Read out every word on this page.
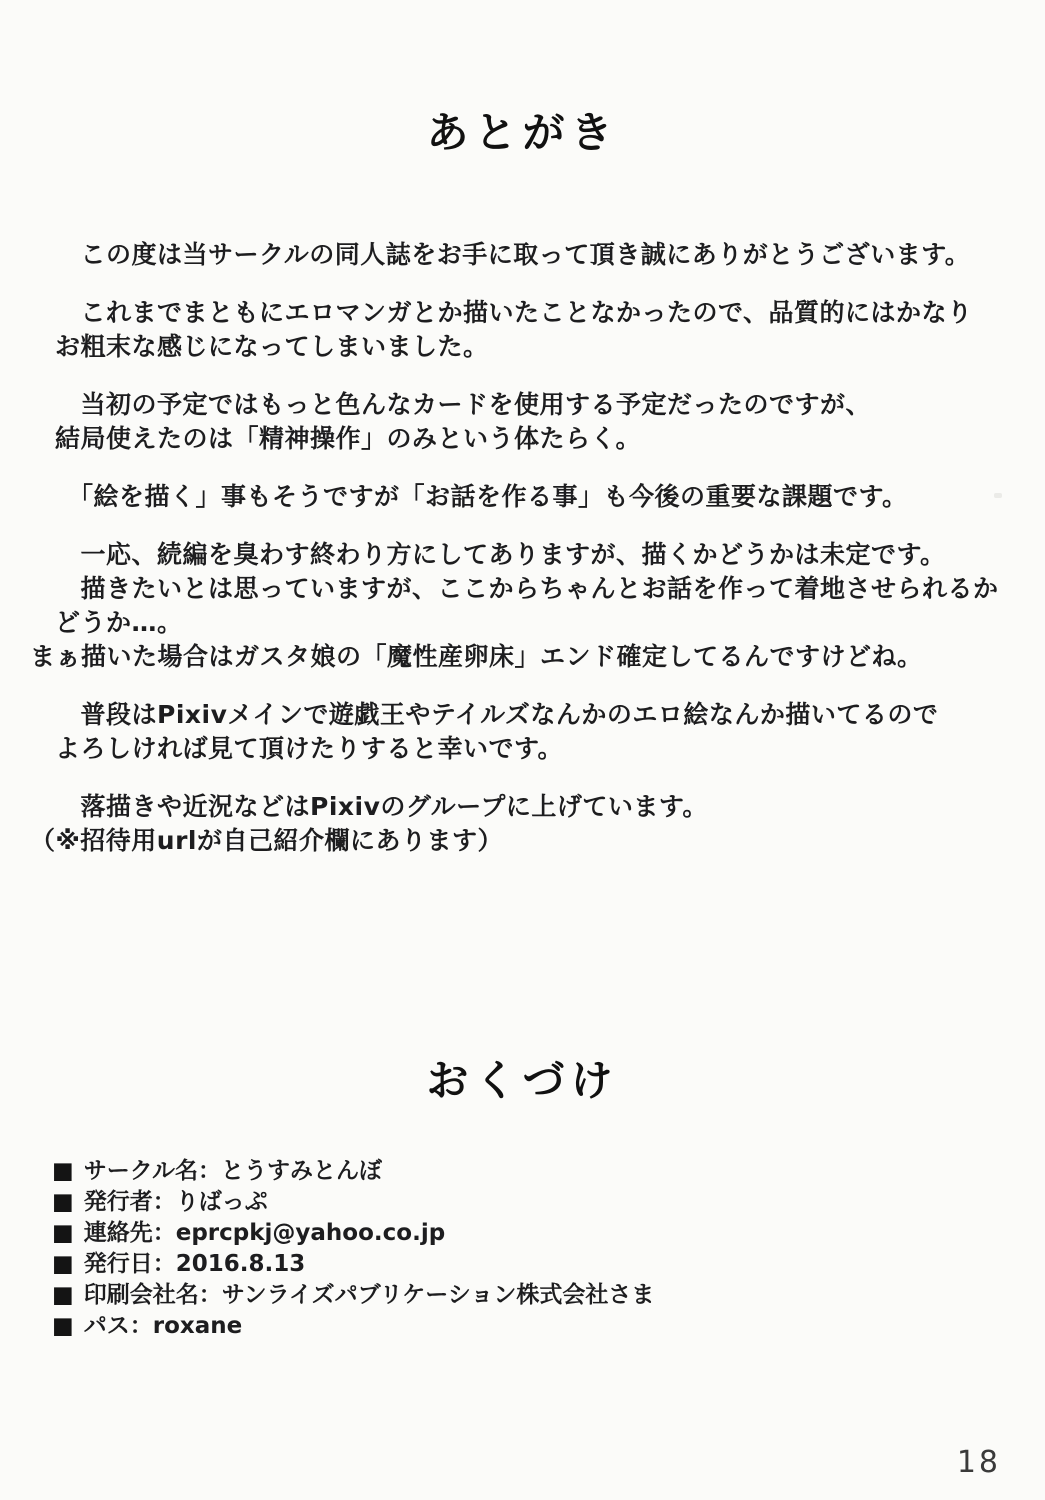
あとがき

　この度は当サークルの同人誌をお手に取って頂き誠にありがとうございます。

　これまでまともにエロマンガとか描いたことなかったので、品質的にはかなり
お粗末な感じになってしまいました。

　当初の予定ではもっと色んなカードを使用する予定だったのですが、
結局使えたのは「精神操作」のみという体たらく。

　「絵を描く」事もそうですが「お話を作る事」も今後の重要な課題です。

　一応、続編を臭わす終わり方にしてありますが、描くかどうかは未定です。
　描きたいとは思っていますが、ここからちゃんとお話を作って着地させられるかどうか…。
まぁ描いた場合はガスタ娘の「魔性産卵床」エンド確定してるんですけどね。

　普段はPixivメインで遊戯王やテイルズなんかのエロ絵なんか描いてるので
よろしければ見て頂けたりすると幸いです。

　落描きや近況などはPixivのグループに上げています。
（※招待用urlが自己紹介欄にあります）

おくづけ
■ サークル名：とうすみとんぼ
■ 発行者：りばっぷ
■ 連絡先：eprcpkj@yahoo.co.jp
■ 発行日：2016.8.13
■ 印刷会社名：サンライズパブリケーション株式会社さま
■ パス：roxane
18
